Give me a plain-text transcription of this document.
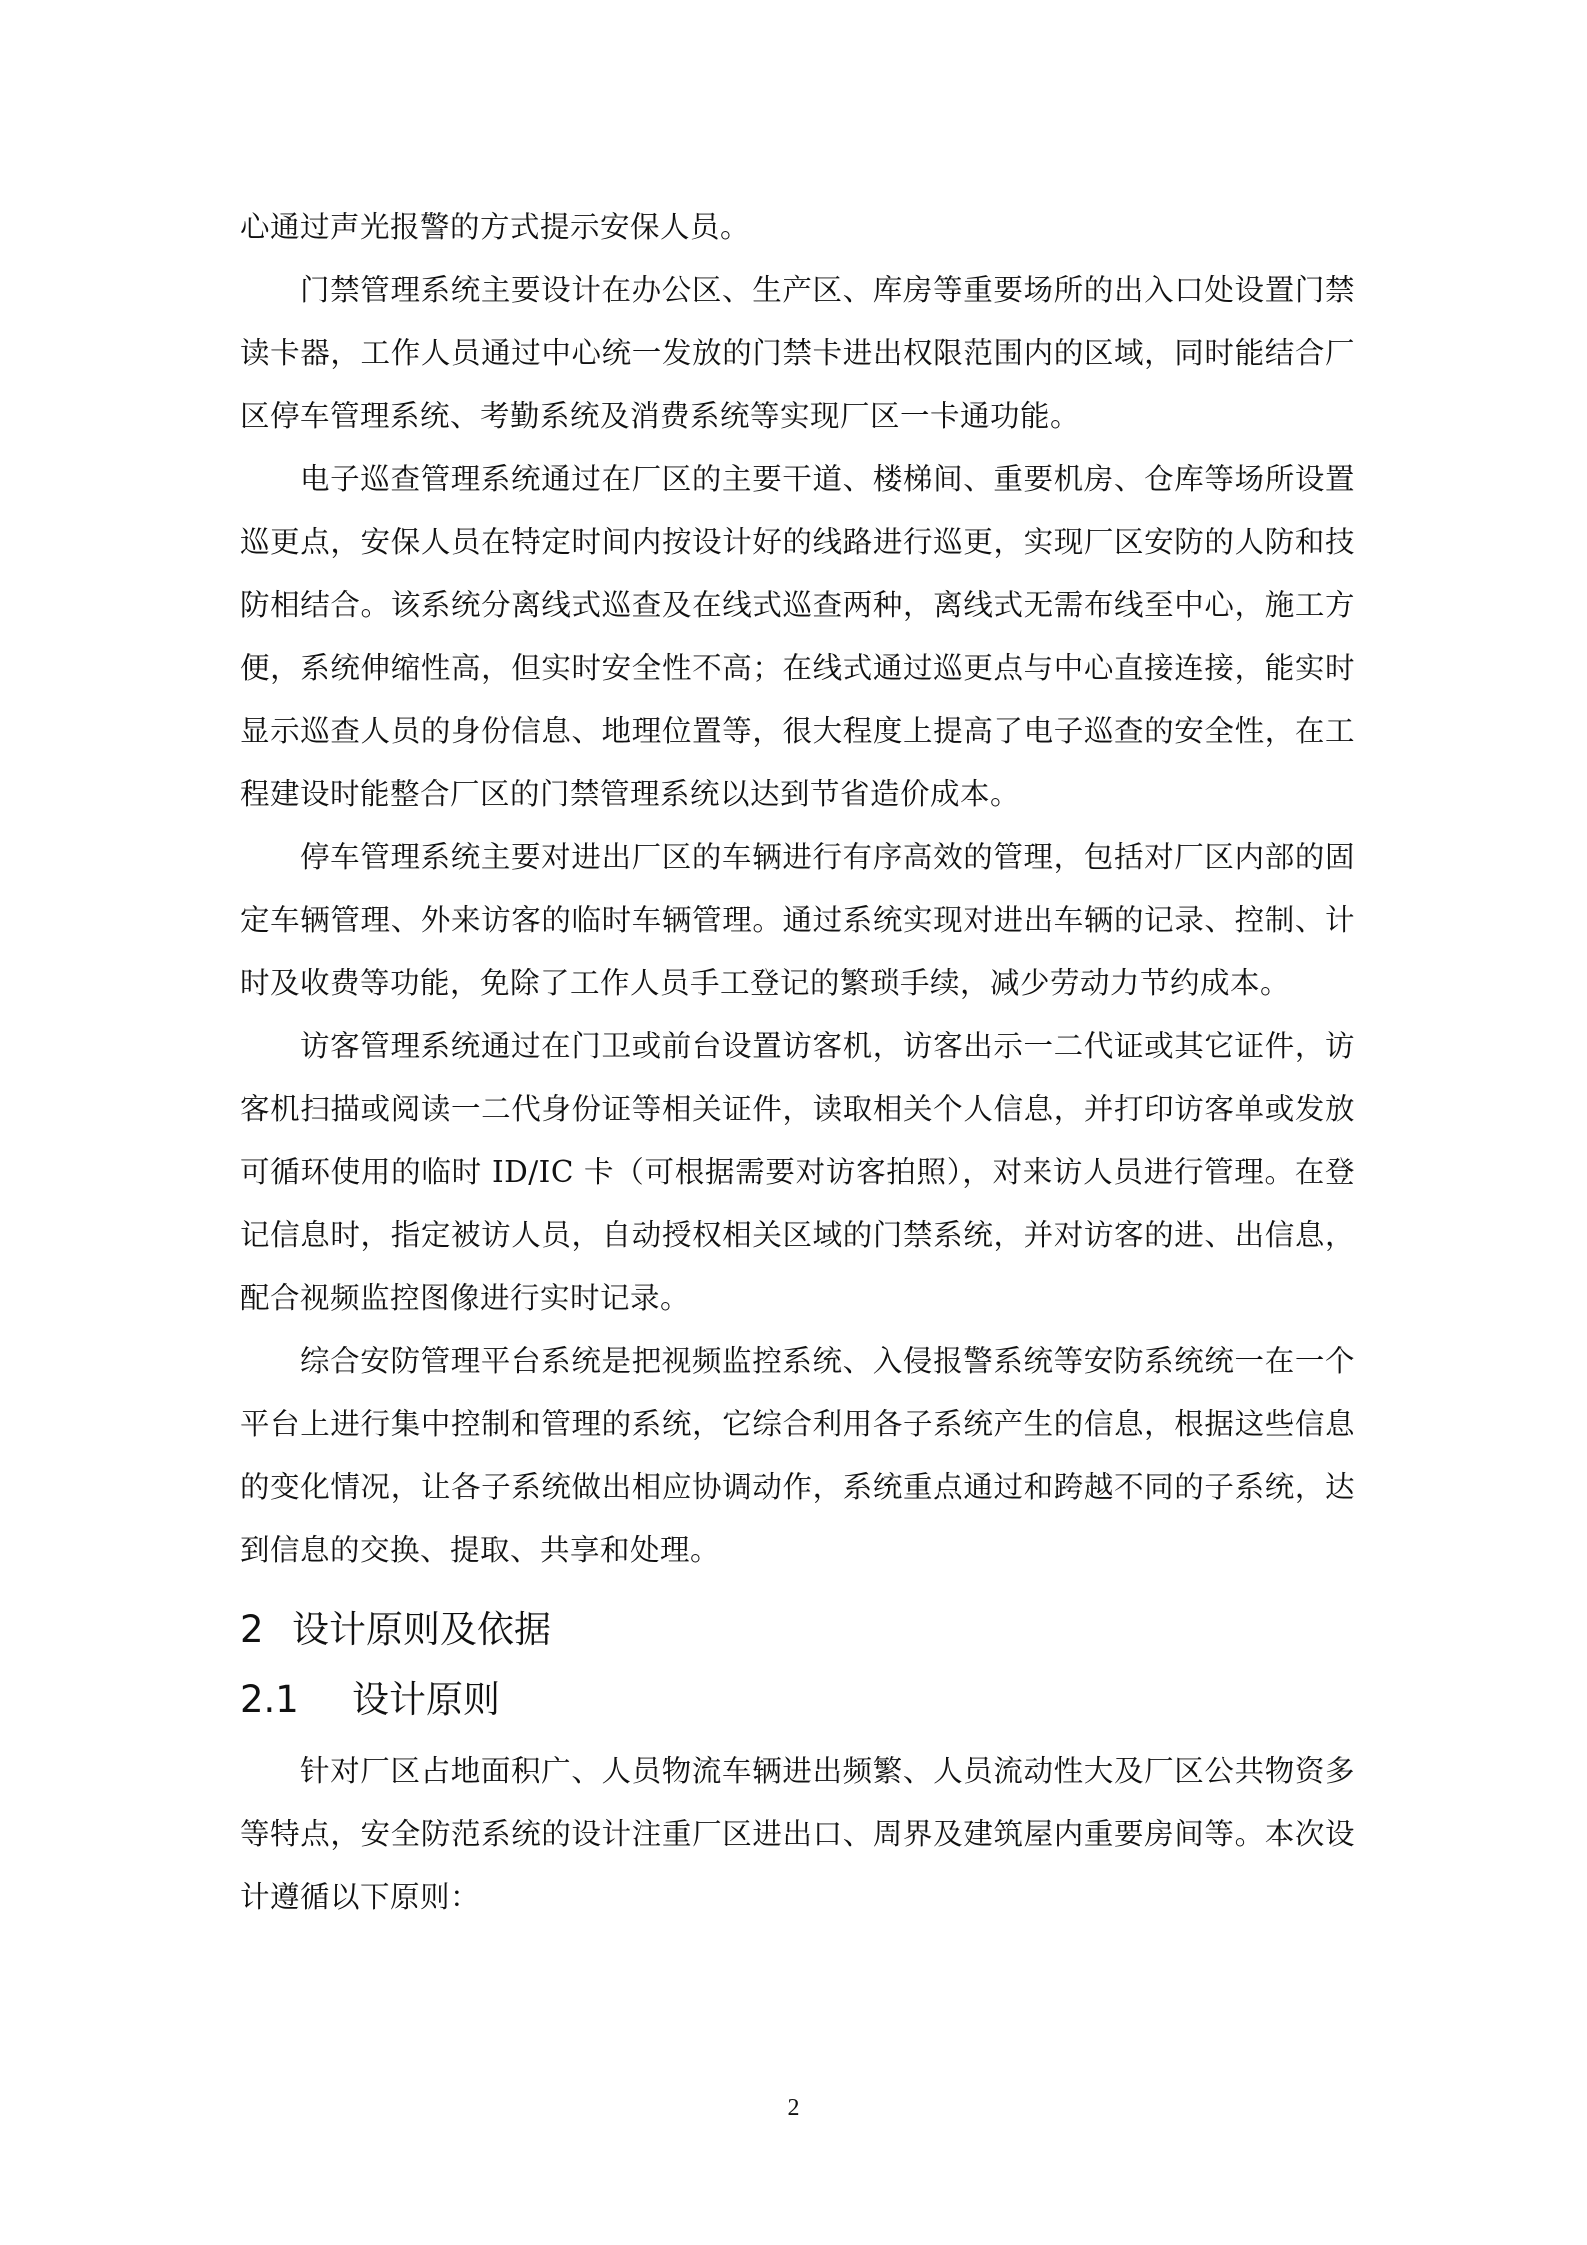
心通过声光报警的方式提示安保人员。

门禁管理系统主要设计在办公区、生产区、库房等重要场所的出入口处设置门禁读卡器，工作人员通过中心统一发放的门禁卡进出权限范围内的区域，同时能结合厂区停车管理系统、考勤系统及消费系统等实现厂区一卡通功能。

电子巡查管理系统通过在厂区的主要干道、楼梯间、重要机房、仓库等场所设置巡更点，安保人员在特定时间内按设计好的线路进行巡更，实现厂区安防的人防和技防相结合。该系统分离线式巡查及在线式巡查两种，离线式无需布线至中心，施工方便，系统伸缩性高，但实时安全性不高；在线式通过巡更点与中心直接连接，能实时显示巡查人员的身份信息、地理位置等，很大程度上提高了电子巡查的安全性，在工程建设时能整合厂区的门禁管理系统以达到节省造价成本。

停车管理系统主要对进出厂区的车辆进行有序高效的管理，包括对厂区内部的固定车辆管理、外来访客的临时车辆管理。通过系统实现对进出车辆的记录、控制、计时及收费等功能，免除了工作人员手工登记的繁琐手续，减少劳动力节约成本。

访客管理系统通过在门卫或前台设置访客机，访客出示一二代证或其它证件，访客机扫描或阅读一二代身份证等相关证件，读取相关个人信息，并打印访客单或发放可循环使用的临时 ID/IC 卡（可根据需要对访客拍照），对来访人员进行管理。在登记信息时，指定被访人员，自动授权相关区域的门禁系统，并对访客的进、出信息，配合视频监控图像进行实时记录。

综合安防管理平台系统是把视频监控系统、入侵报警系统等安防系统统一在一个平台上进行集中控制和管理的系统，它综合利用各子系统产生的信息，根据这些信息的变化情况，让各子系统做出相应协调动作，系统重点通过和跨越不同的子系统，达到信息的交换、提取、共享和处理。

2 设计原则及依据
2.1 设计原则

针对厂区占地面积广、人员物流车辆进出频繁、人员流动性大及厂区公共物资多等特点，安全防范系统的设计注重厂区进出口、周界及建筑屋内重要房间等。本次设计遵循以下原则：

2
